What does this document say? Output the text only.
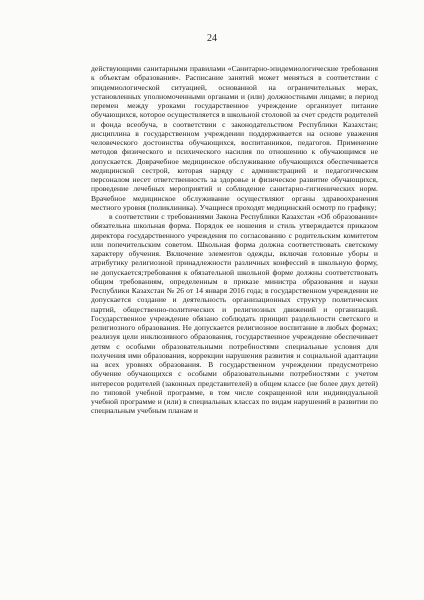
24

действующими санитарными правилами «Санитарно-эпидемиологические требования к объектам образования». Расписание занятий может меняться в соответствии с эпидемиологической ситуацией, основанной на ограничительных мерах, установленных уполномоченными органами и (или) должностными лицами; в период перемен между уроками государственное учреждение организует питание обучающихся, которое осуществляется в школьной столовой за счет средств родителей и фонда всеобуча, в соответствии с законодательством Республики Казахстан; дисциплина в государственном учреждении поддерживается на основе уважения человеческого достоинства обучающихся, воспитанников, педагогов. Применение методов физического и психического насилия по отношению к обучающимся не допускается. Доврачебное медицинское обслуживание обучающихся обеспечивается медицинской сестрой, которая наряду с администрацией и педагогическим персоналом несет ответственность за здоровье и физическое развитие обучающихся, проведение лечебных мероприятий и соблюдение санитарно-гигиенических норм. Врачебное медицинское обслуживание осуществляют органы здравоохранения местного уровня (поликлиника). Учащиеся проходят медицинский осмотр по графику;

в соответствии с требованиями Закона Республики Казахстан «Об образовании» обязательна школьная форма. Порядок ее ношения и стиль утверждается приказом директора государственного учреждения по согласованию с родительским комитетом или попечительским советом. Школьная форма должна соответствовать светскому характеру обучения. Включение элементов одежды, включая головные уборы и атрибутику религиозной принадлежности различных конфессий в школьную форму, не допускается;требования к обязательной школьной форме должны соответствовать общим требованиям, определенным в приказе министра образования и науки Республики Казахстан № 26 от 14 января 2016 года; в государственном учреждении не допускается создание и деятельность организационных структур политических партий, общественно-политических и религиозных движений и организаций. Государственное учреждение обязано соблюдать принцип раздельности светского и религиозного образования. Не допускается религиозное воспитание в любых формах; реализуя цели инклюзивного образования, государственное учреждение обеспечивает детям с особыми образовательными потребностями специальные условия для получения ими образования, коррекции нарушения развития и социальной адаптации на всех уровнях образования. В государственном учреждении предусмотрено обучение обучающихся с особыми образовательными потребностями с учетом интересов родителей (законных представителей) в общем классе (не более двух детей) по типовой учебной программе, в том числе сокращенной или индивидуальной учебной программе и (или) в специальных классах по видам нарушений в развитии по специальным учебным планам и
